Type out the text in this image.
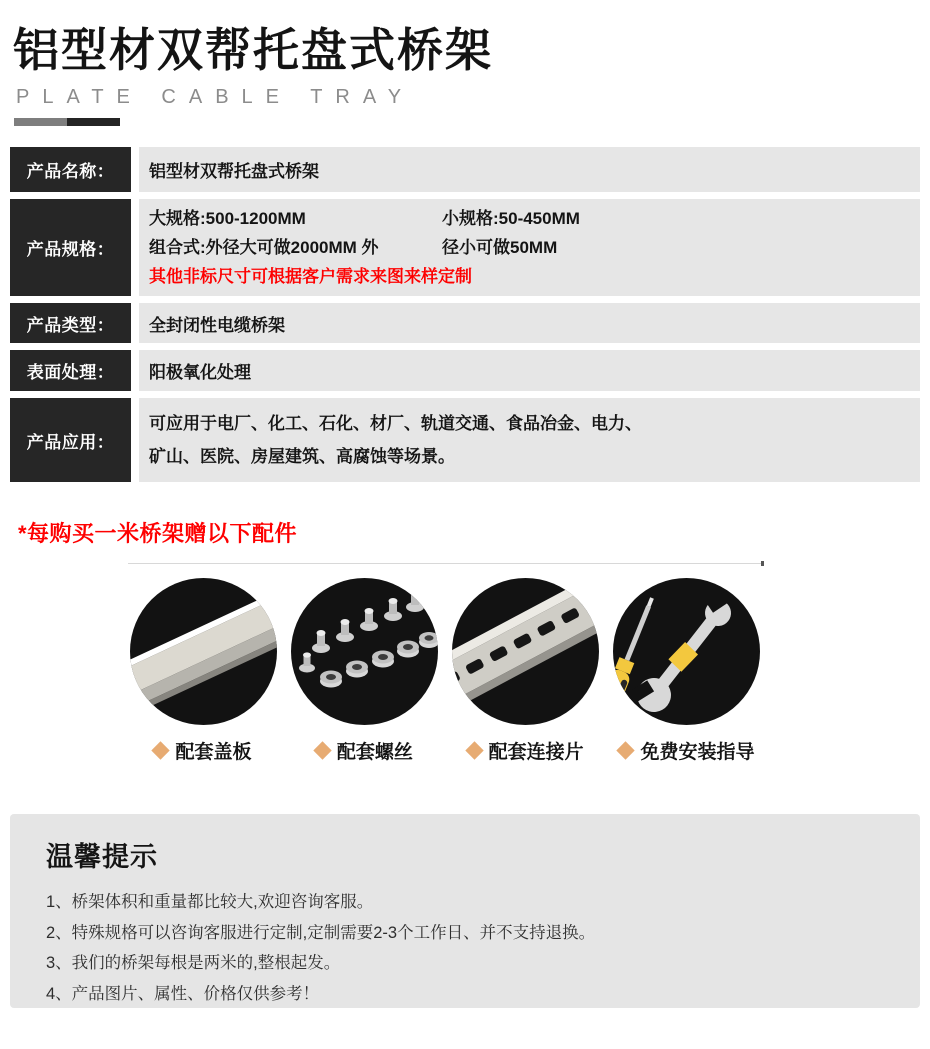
铝型材双帮托盘式桥架
PLATE CABLE TRAY
产品名称：	铝型材双帮托盘式桥架
产品规格：
大规格:500-1200MM	小规格:50-450MM
组合式:外径大可做2000MM 外	径小可做50MM
其他非标尺寸可根据客户需求来图来样定制
产品类型：	全封闭性电缆桥架
表面处理：	阳极氧化处理
产品应用：
可应用于电厂、化工、石化、材厂、轨道交通、食品冶金、电力、
矿山、医院、房屋建筑、高腐蚀等场景。
*每购买一米桥架赠以下配件
配套盖板	配套螺丝	配套连接片	免费安装指导
温馨提示
1、桥架体积和重量都比较大,欢迎咨询客服。
2、特殊规格可以咨询客服进行定制,定制需要2-3个工作日、并不支持退换。
3、我们的桥架每根是两米的,整根起发。
4、产品图片、属性、价格仅供参考！
